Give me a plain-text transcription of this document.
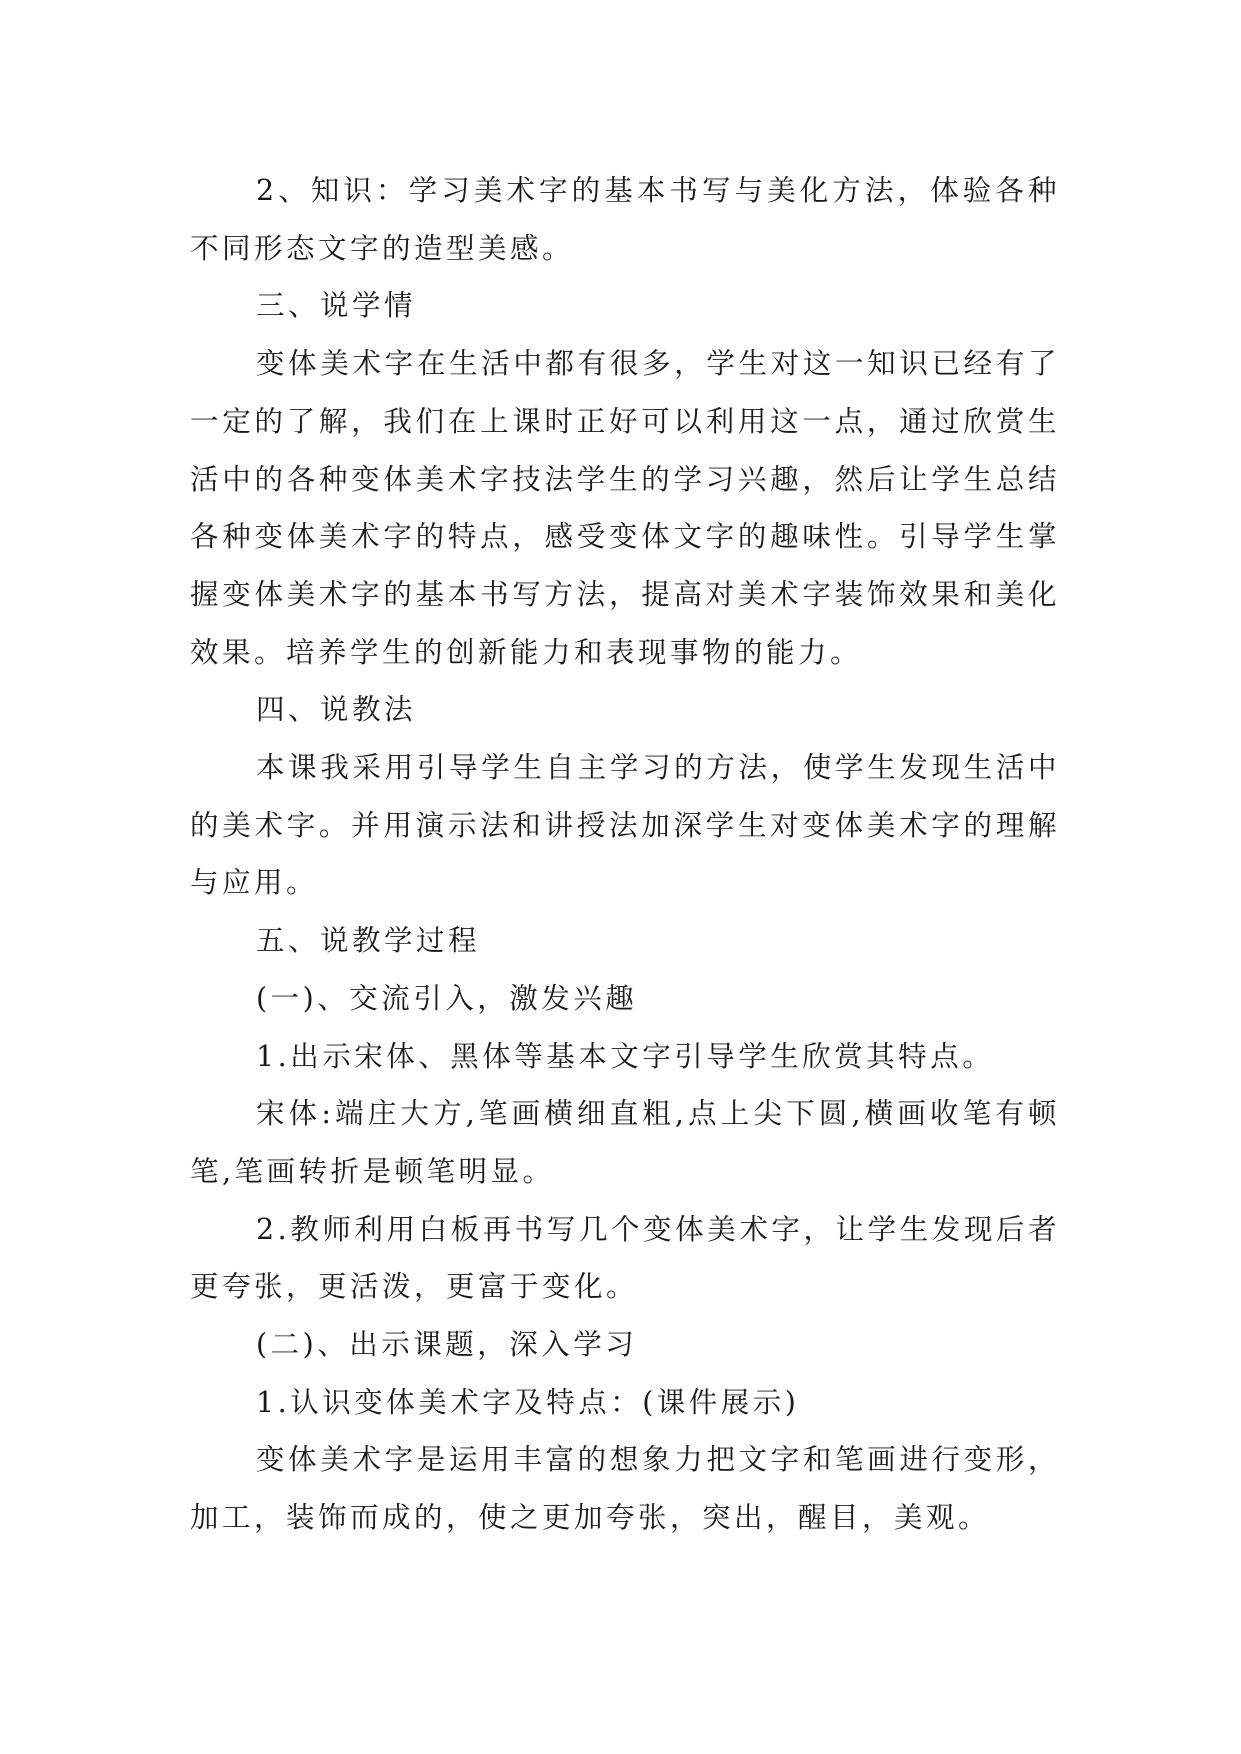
2、知识：学习美术字的基本书写与美化方法，体验各种不同形态文字的造型美感。

三、说学情

变体美术字在生活中都有很多，学生对这一知识已经有了一定的了解，我们在上课时正好可以利用这一点，通过欣赏生活中的各种变体美术字技法学生的学习兴趣，然后让学生总结各种变体美术字的特点，感受变体文字的趣味性。引导学生掌握变体美术字的基本书写方法，提高对美术字装饰效果和美化效果。培养学生的创新能力和表现事物的能力。

四、说教法

本课我采用引导学生自主学习的方法，使学生发现生活中的美术字。并用演示法和讲授法加深学生对变体美术字的理解与应用。

五、说教学过程

(一)、交流引入，激发兴趣

1.出示宋体、黑体等基本文字引导学生欣赏其特点。

宋体:端庄大方,笔画横细直粗,点上尖下圆,横画收笔有顿笔,笔画转折是顿笔明显。

2.教师利用白板再书写几个变体美术字，让学生发现后者更夸张，更活泼，更富于变化。

(二)、出示课题，深入学习

1.认识变体美术字及特点：(课件展示)

变体美术字是运用丰富的想象力把文字和笔画进行变形，加工，装饰而成的，使之更加夸张，突出，醒目，美观。
